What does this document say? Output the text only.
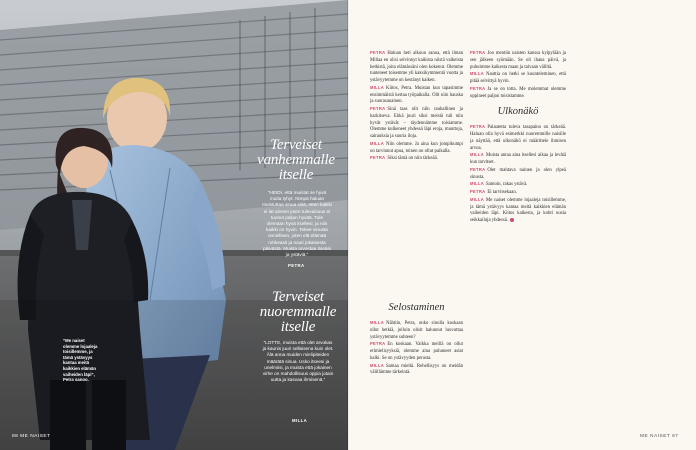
Terveiset
vanhemmalle
itselle
”HEIDI, että muistat se hyvä muita tyhyt. Nimpä haluan muistuttaa sinua siitä, etten kaikki ei lat aineen joten tulevaisuus ei tuonut paljon hyvää. Tule olemaan hyvä itsellesi, ja niin kaikki on hyvin. Tekee sinusta onnellisen, joten elä elämää rohkeasti ja nauti jokaisesta päivästä. Muista arvostaa itseäsi ja ystäviä.”
PETRA
Terveiset
nuoremmalle
itselle
”LOTTE, muista että olet arvokas ja kaunis juuri sellaisena kuin olet. Älä anna muiden mielipiteiden määrätä sinua. Usko itseesi ja unelmiisi, ja muista että jokainen virhe on mahdollisuus oppia jotain uutta ja kasvaa ihmisenä.”
MILLA
”Me naiset olemme lojaaleja toisillemme, ja tämä ystävyys kantaa meitä kaikkien elämän vaiheiden läpi”, Petra sanoo.
88 ME NAISET

PETRA Haluan heti alkuun sanoa, että ilman Millaa en olisi selvinnyt kaikista niistä vaikeista hetkistä, joita elämässäni olen kokenut. Olemme tunteneet toisemme yli kaksikymmentä vuotta ja ystävyytemme on kestänyt kaiken.

MILLA Kiitos, Petra. Muistan kun tapasimme ensimmäistä kertaa työpaikalla. Olit niin hauska ja suorasanainen.

PETRA Sinä taas olit niin rauhallinen ja harkitseva. Ehkä juuri siksi meistä tuli niin hyvät ystävät – täydennämme toisiamme. Olemme kulkeneet yhdessä läpi eroja, muuttoja, sairauksia ja suuria iloja.

MILLA Niin olemme. Ja aina kun jompikumpi on tarvinnut apua, toinen on ollut paikalla.

PETRA Siksi tämä on niin tärkeää.

Selostaminen

MILLA Nähtiin, Petra, onko sinulla koskaan ollut hetkiä, jolloin olisit halunnut luovuttaa ystävyytemme suhteen?

PETRA En koskaan. Vaikka meillä on ollut erimielisyyksiä, olemme aina puhuneet asiat halki. Se on ystävyyden perusta.

MILLA Samaa mieltä. Rehellisyys on meidän välillämme tärkeintä.

PETRA Joo mentiin naisten kanssa kylpylään ja sen jälkeen syömään. Se oli ihana päivä, ja puhuimme kaikesta maan ja taivaan väliltä.

MILLA Nauttia on hetki se kuunteleminen, että pitää selvittyä hyvin.

PETRA Ja se on totta. Me molemmat olemme oppineet paljon toisistamme.

Ulkonäkö

PETRA Palautetta tuleva tasapaino on tärkeää. Haluan olla hyvä esimerkki nuoremmille naisille ja näyttää, että ulkonäkö ei määrittele ihmisen arvoa.

MILLA Muista antaa aina itsellesi aikaa ja levätä kun tarvitset.

PETRA Olet mahtava nainen ja olen ylpeä sinusta.

MILLA Samoin, rakas ystävä.

PETRA Ei tarvitsekaan.

MILLA Me naiset olemme lojaaleja toisillemme, ja tämä ystävyys kantaa meitä kaikkien elämän vaiheiden läpi. Kiitos kaikesta, ja kohti uusia seikkailuja yhdessä.

ME NAISET 87
